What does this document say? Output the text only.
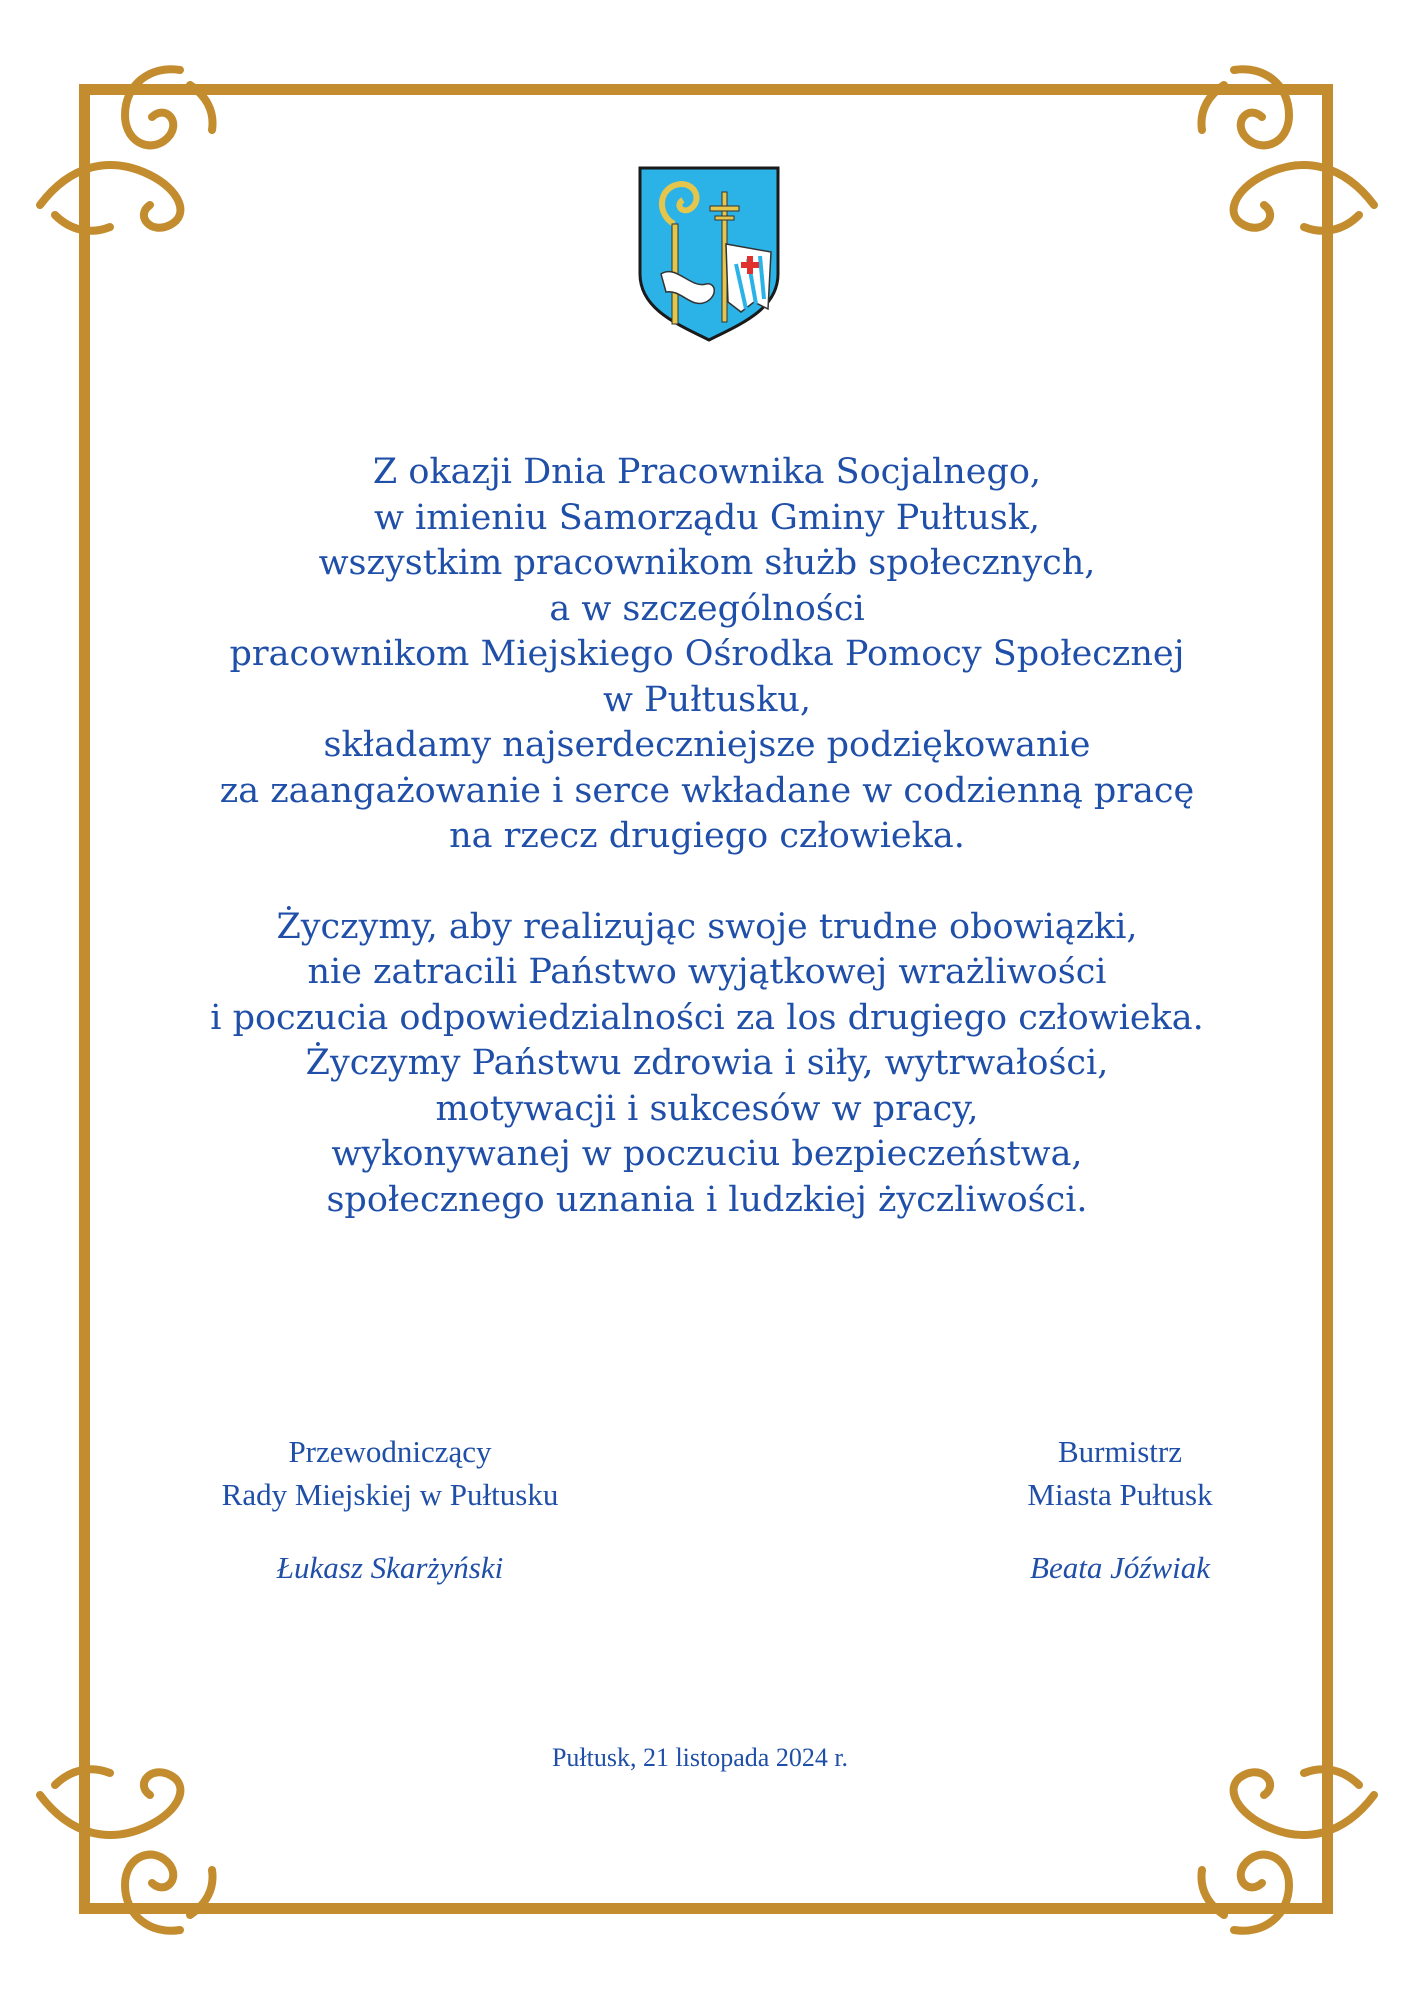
Z okazji Dnia Pracownika Socjalnego,
w imieniu Samorządu Gminy Pułtusk,
wszystkim pracownikom służb społecznych,
a w szczególności
pracownikom Miejskiego Ośrodka Pomocy Społecznej
w Pułtusku,
składamy najserdeczniejsze podziękowanie
za zaangażowanie i serce wkładane w codzienną pracę
na rzecz drugiego człowieka.
Życzymy, aby realizując swoje trudne obowiązki,
nie zatracili Państwo wyjątkowej wrażliwości
i poczucia odpowiedzialności za los drugiego człowieka.
Życzymy Państwu zdrowia i siły, wytrwałości,
motywacji i sukcesów w pracy,
wykonywanej w poczuciu bezpieczeństwa,
społecznego uznania i ludzkiej życzliwości.
Przewodniczący
Rady Miejskiej w Pułtusku
Łukasz Skarżyński
Burmistrz
Miasta Pułtusk
Beata Jóźwiak
Pułtusk, 21 listopada 2024 r.
